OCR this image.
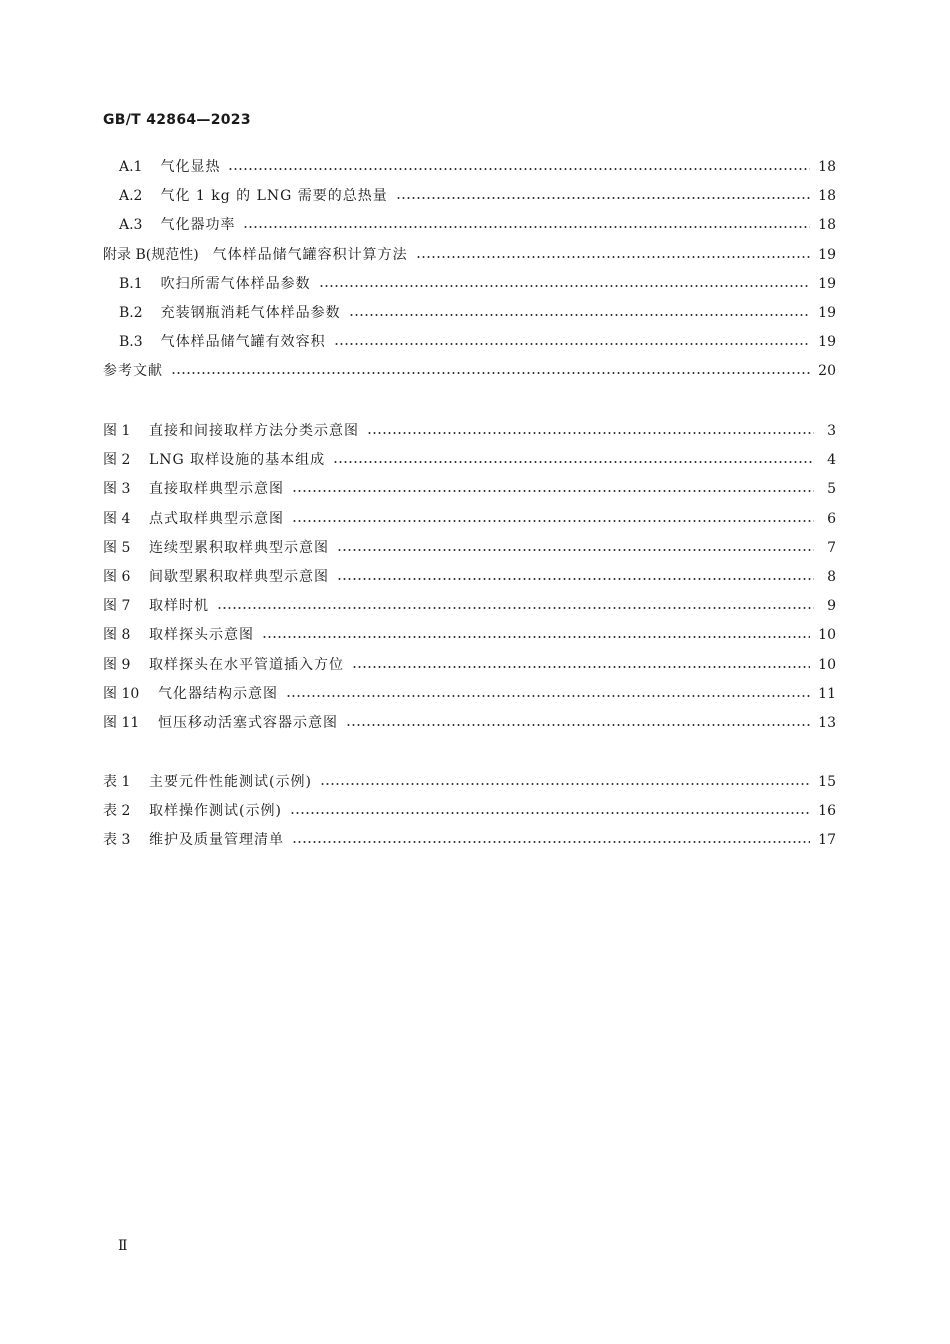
GB/T 42864—2023
A.1 气化显热	18
A.2 气化 1 kg 的 LNG 需要的总热量	18
A.3 气化器功率	18
附录 B(规范性) 气体样品储气罐容积计算方法	19
B.1 吹扫所需气体样品参数	19
B.2 充装钢瓶消耗气体样品参数	19
B.3 气体样品储气罐有效容积	19
参考文献	20
图 1 直接和间接取样方法分类示意图	3
图 2 LNG 取样设施的基本组成	4
图 3 直接取样典型示意图	5
图 4 点式取样典型示意图	6
图 5 连续型累积取样典型示意图	7
图 6 间歇型累积取样典型示意图	8
图 7 取样时机	9
图 8 取样探头示意图	10
图 9 取样探头在水平管道插入方位	10
图 10 气化器结构示意图	11
图 11 恒压移动活塞式容器示意图	13
表 1 主要元件性能测试(示例)	15
表 2 取样操作测试(示例)	16
表 3 维护及质量管理清单	17
Ⅱ
